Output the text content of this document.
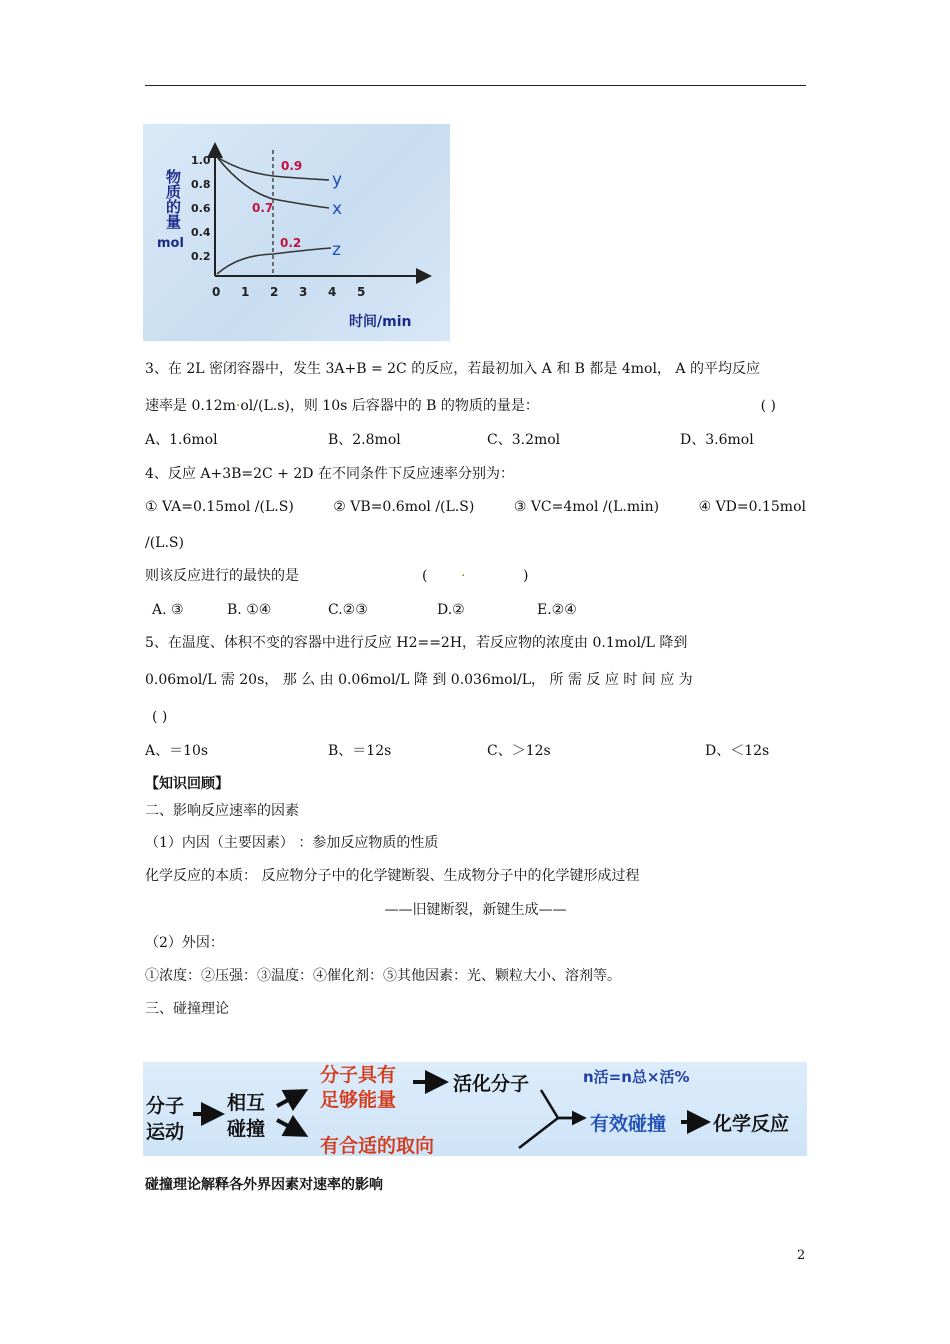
物质的量
mol
1.0
0.8
0.6
0.4
0.2
0 1 2 3 4 5
0.9
0.7
0.2
y
x
z
时间/min
3、在 2L 密闭容器中，发生 3A+B = 2C 的反应，若最初加入 A 和 B 都是 4mol， A 的平均反应
速率是 0.12m·ol/(L.s)，则 10s 后容器中的 B 的物质的量是：	( )
A、1.6mol	B、2.8mol	C、3.2mol	D、3.6mol
4、反应 A+3B=2C + 2D 在不同条件下反应速率分别为：
① VA=0.15mol /(L.S)	② VB=0.6mol /(L.S)	③ VC=4mol /(L.min)	④ VD=0.15mol
/(L.S)
则该反应进行的最快的是	( ·	)
A. ③	B. ①④	C.②③	D.②	E.②④
5、在温度、体积不变的容器中进行反应 H2==2H，若反应物的浓度由 0.1mol/L 降到
0.06mol/L 需 20s， 那 么 由 0.06mol/L 降 到 0.036mol/L， 所 需 反 应 时 间 应 为
( )
A、＝10s	B、＝12s	C、＞12s	D、＜12s
【知识回顾】
二、影响反应速率的因素
（1）内因（主要因素） ：参加反应物质的性质
化学反应的本质： 反应物分子中的化学键断裂、生成物分子中的化学键形成过程
——旧键断裂，新键生成——
（2）外因：
①浓度：②压强：③温度：④催化剂：⑤其他因素：光、颗粒大小、溶剂等。
三、碰撞理论
分子
运动
相互
碰撞
分子具有
足够能量
有合适的取向
活化分子	n活=n总×活%
有效碰撞 化学反应
碰撞理论解释各外界因素对速率的影响
2
